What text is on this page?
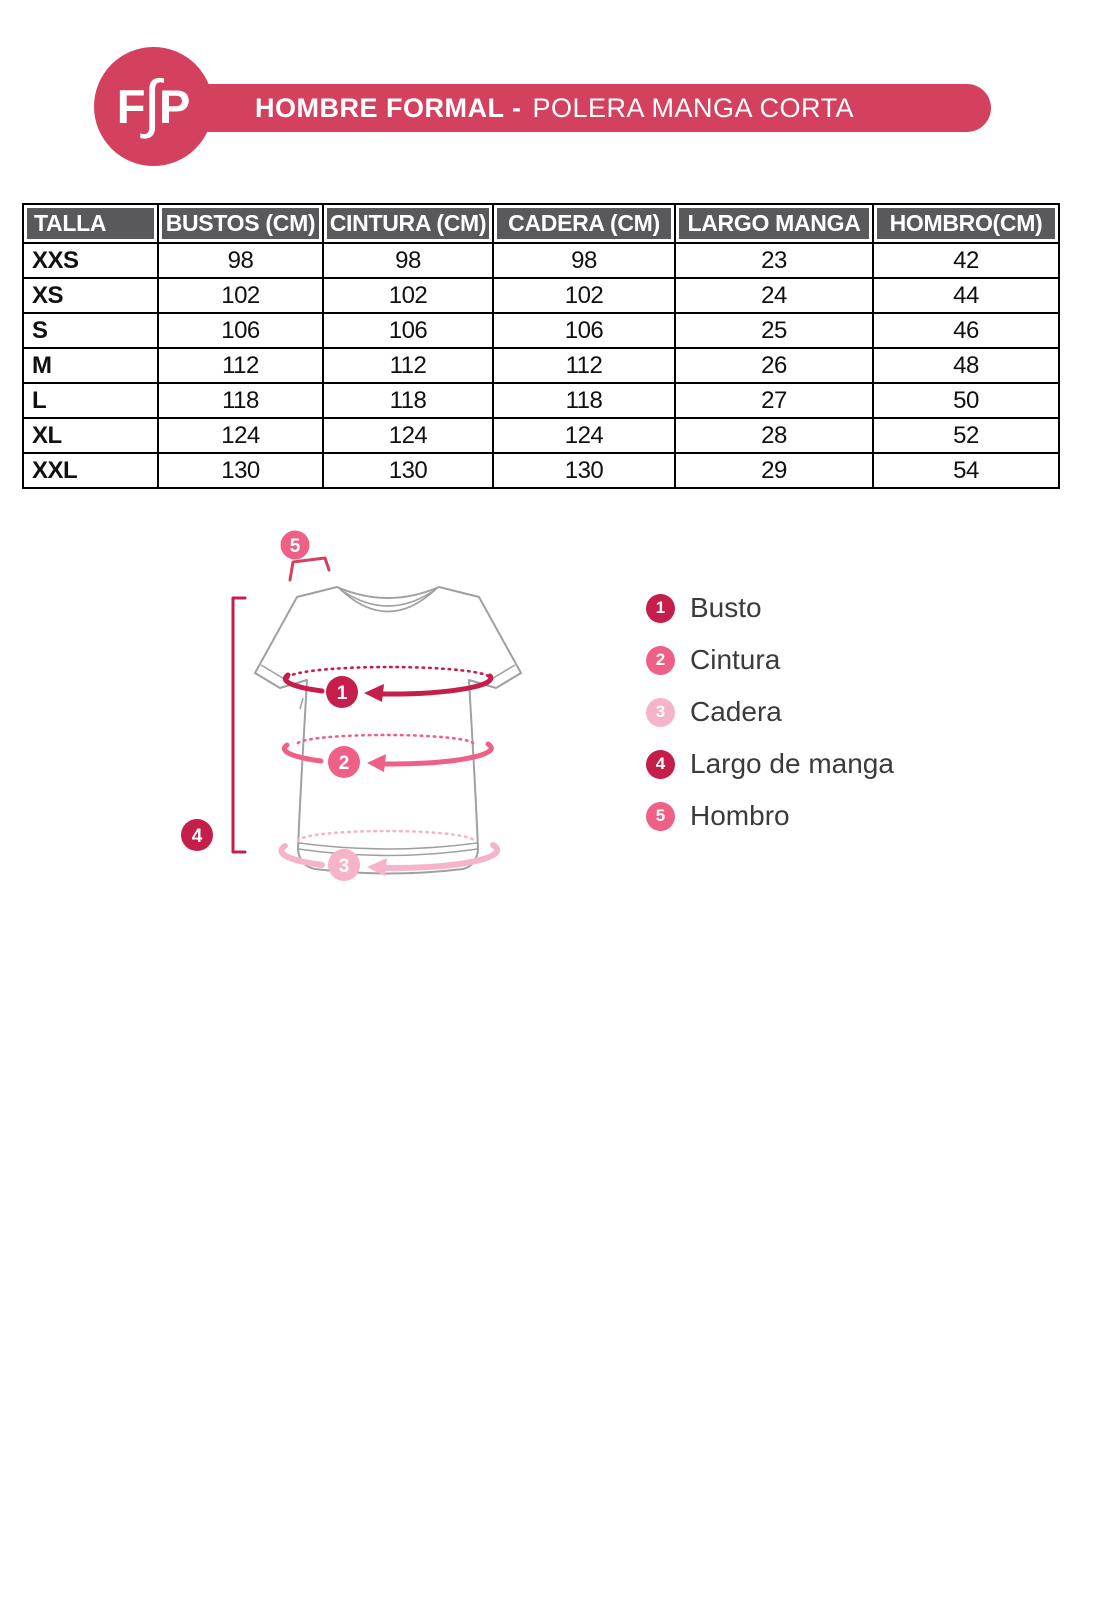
HOMBRE FORMAL - POLERA MANGA CORTA
F
∫
P
TALLA	BUSTOS (CM)	CINTURA (CM)	CADERA (CM)	LARGO MANGA	HOMBRO(CM)
XXS	98	98	98	23	42
XS	102	102	102	24	44
S	106	106	106	25	46
M	112	112	112	26	48
L	118	118	118	27	50
XL	124	124	124	28	52
XXL	130	130	130	29	54
1
2
3
4
5
1 Busto
2 Cintura
3 Cadera
4 Largo de manga
5 Hombro
